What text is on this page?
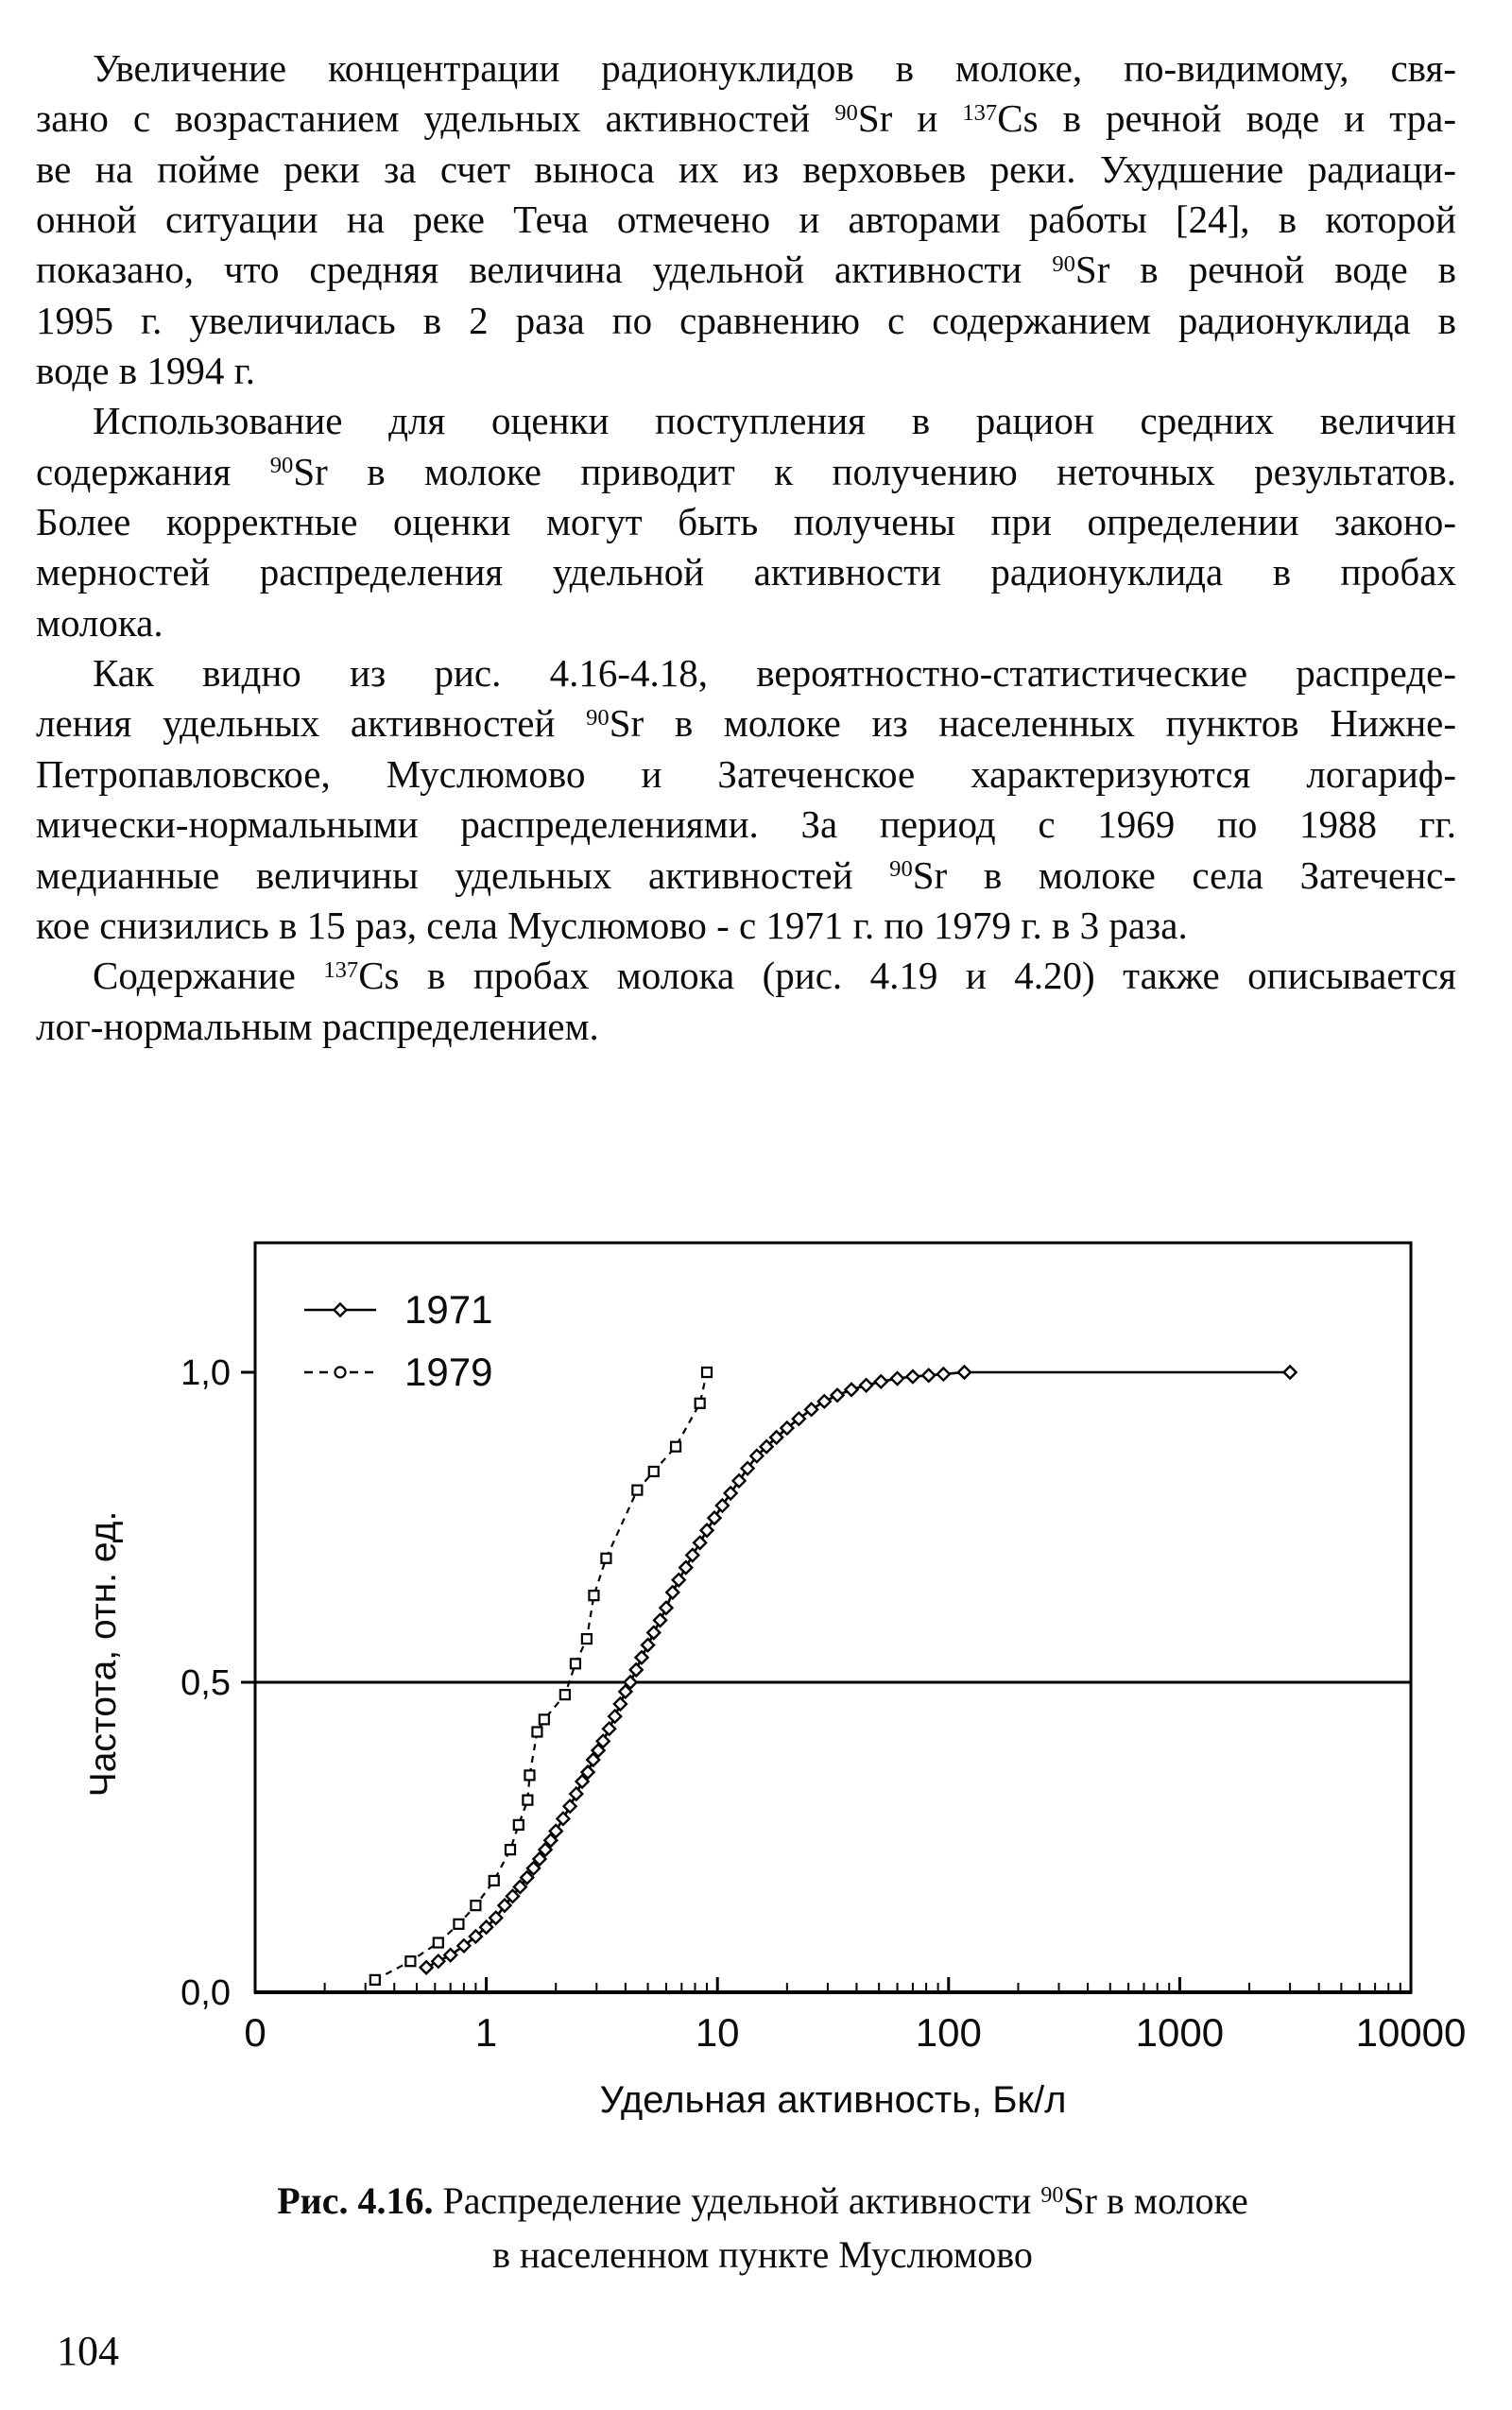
Увеличение концентрации радионуклидов в молоке, по-видимому, свя-
зано с возрастанием удельных активностей $^{90}$Sr и $^{137}$Cs в речной воде и тра-
ве на пойме реки за счет выноса их из верховьев реки. Ухудшение радиаци-
онной ситуации на реке Теча отмечено и авторами работы [24], в которой
показано, что средняя величина удельной активности $^{90}$Sr в речной воде в
1995 г. увеличилась в 2 раза по сравнению с содержанием радионуклида в
воде в 1994 г.
Использование для оценки поступления в рацион средних величин
содержания $^{90}$Sr в молоке приводит к получению неточных результатов.
Более корректные оценки могут быть получены при определении законо-
мерностей распределения удельной активности радионуклида в пробах
молока.
Как видно из рис. 4.16-4.18, вероятностно-статистические распреде-
ления удельных активностей $^{90}$Sr в молоке из населенных пунктов Нижне-
Петропавловское, Муслюмово и Затеченское характеризуются логариф-
мически-нормальными распределениями. За период с 1969 по 1988 гг.
медианные величины удельных активностей $^{90}$Sr в молоке села Затеченс-
кое снизились в 15 раз, села Муслюмово - с 1971 г. по 1979 г. в 3 раза.
Содержание $^{137}$Cs в пробах молока (рис. 4.19 и 4.20) также описывается
лог-нормальным распределением.
1,0
0,5
0,0
0	1	10	100	1000	10000
Удельная активность, Бк/л
Частота, отн. ед.
1971
1979
Рис. 4.16. Распределение удельной активности $^{90}$Sr в молоке
в населенном пункте Муслюмово
104
